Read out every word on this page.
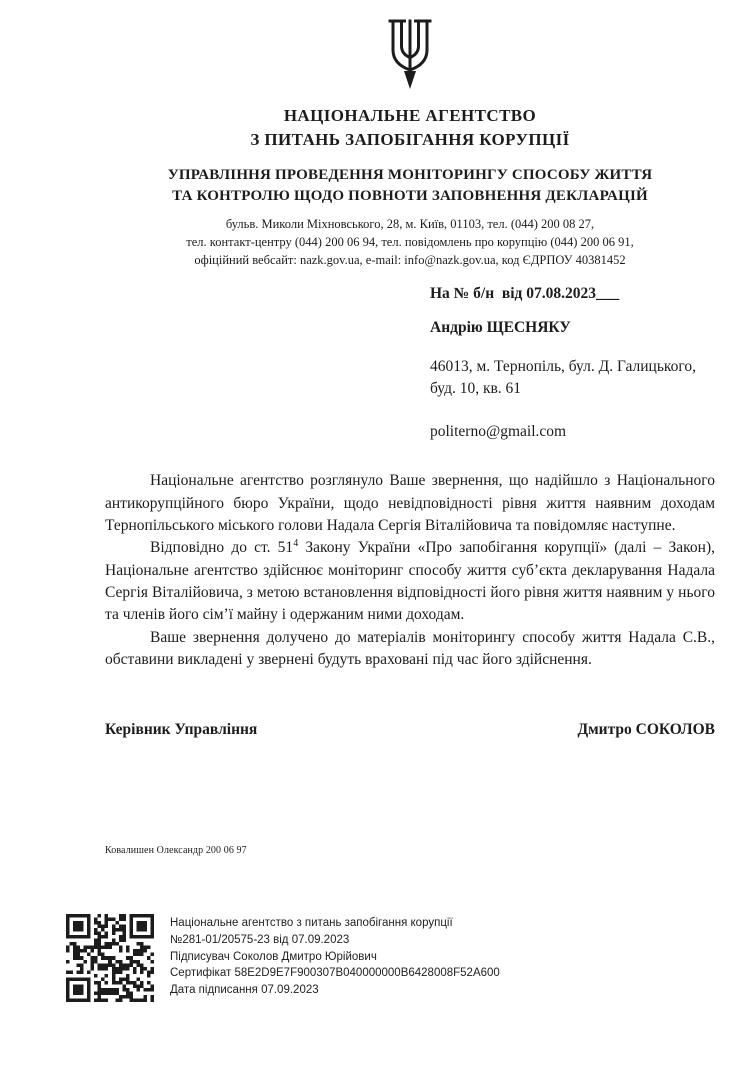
НАЦІОНАЛЬНЕ АГЕНТСТВО
З ПИТАНЬ ЗАПОБІГАННЯ КОРУПЦІЇ
УПРАВЛІННЯ ПРОВЕДЕННЯ МОНІТОРИНГУ СПОСОБУ ЖИТТЯ
ТА КОНТРОЛЮ ЩОДО ПОВНОТИ ЗАПОВНЕННЯ ДЕКЛАРАЦІЙ
бульв. Миколи Міхновського, 28, м. Київ, 01103, тел. (044) 200 08 27,
тел. контакт-центру (044) 200 06 94, тел. повідомлень про корупцію (044) 200 06 91,
офіційний вебсайт: nazk.gov.ua, e-mail: info@nazk.gov.ua, код ЄДРПОУ 40381452
На № б/н  від 07.08.2023___
Андрію ЩЕСНЯКУ
46013, м. Тернопіль, бул. Д. Галицького,
буд. 10, кв. 61
politerno@gmail.com

Національне агентство розглянуло Ваше звернення, що надійшло з Національного антикорупційного бюро України, щодо невідповідності рівня життя наявним доходам Тернопільського міського голови Надала Сергія Віталійовича та повідомляє наступне.

Відповідно до ст. $51^4$ Закону України «Про запобігання корупції» (далі – Закон), Національне агентство здійснює моніторинг способу життя суб’єкта декларування Надала Сергія Віталійовича, з метою встановлення відповідності його рівня життя наявним у нього та членів його сім’ї майну і одержаним ними доходам.

Ваше звернення долучено до матеріалів моніторингу способу життя Надала С.В., обставини викладені у звернені будуть враховані під час його здійснення.

Керівник Управління	Дмитро СОКОЛОВ
Ковалишен Олександр 200 06 97
Національне агентство з питань запобігання корупції
№281-01/20575-23 від 07.09.2023
Підписувач Соколов Дмитро Юрійович
Сертифікат 58E2D9E7F900307B040000000B6428008F52A600
Дата підписання 07.09.2023
